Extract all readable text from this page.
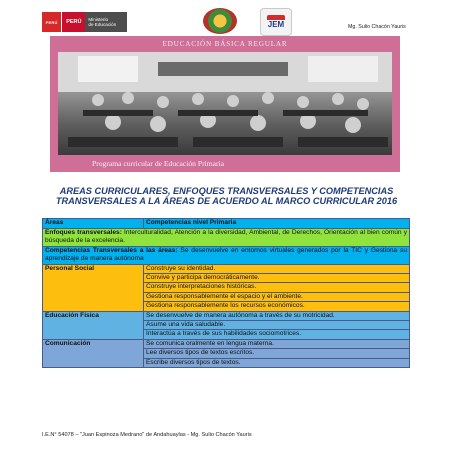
PERÚ	PERÚ	Ministerio
de Educación	JEM	Mg. Sulio Chacón Yauris
EDUCACIÓN BÁSICA REGULAR
Programa curricular de Educación Primaria
AREAS CURRICULARES, ENFOQUES TRANSVERSALES Y COMPETENCIAS TRANSVERSALES A LA ÁREAS DE ACUERDO AL MARCO CURRICULAR 2016
Áreas	Competencias nivel Primaria
Enfoques transversales: Interculturalidad, Atención a la diversidad, Ambiental, de Derechos, Orientación al bien común y búsqueda de la excelencia.	
Competencias Transversales a las áreas: Se desenvuelve en entornos virtuales generados por la TIC y Gestiona su aprendizaje de manera autónoma	
Personal Social	Construye su identidad.
	Convive y participa democráticamente.
	Construye interpretaciones históricas.
	Gestiona responsablemente el espacio y el ambiente.
	Gestiona responsablemente los recursos económicos.
Educación Física	Se desenvuelve de manera autónoma a través de su motricidad.
	Asume una vida saludable.
	Interactúa a través de sus habilidades sociomotrices.
Comunicación	Se comunica oralmente en lengua materna.
	Lee diversos tipos de textos escritos.
	Escribe diversos tipos de textos.
I.E.N° 54078 – "Juan Espinoza Medrano" de Andahuaylas - Mg. Sulio Chacón Yauris
